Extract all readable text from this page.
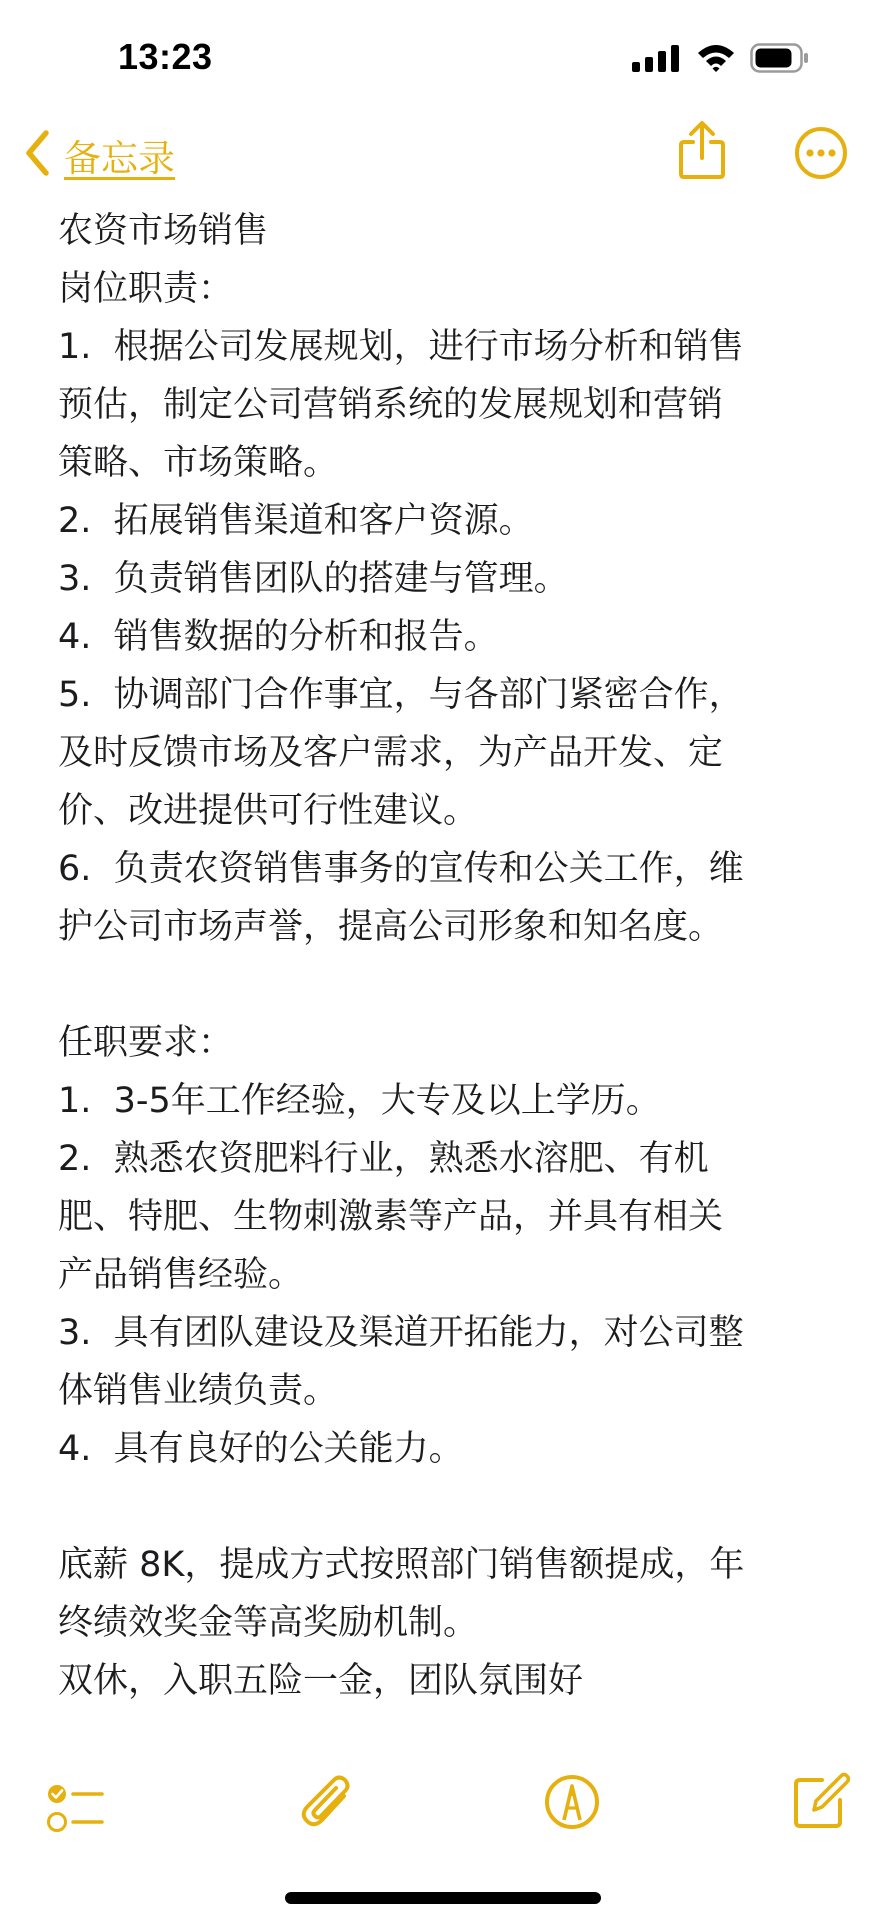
13:23
备忘录
农资市场销售
岗位职责：
1.  根据公司发展规划，进行市场分析和销售
预估，制定公司营销系统的发展规划和营销
策略、市场策略。
2.  拓展销售渠道和客户资源。
3.  负责销售团队的搭建与管理。
4.  销售数据的分析和报告。
5.  协调部门合作事宜，与各部门紧密合作，
及时反馈市场及客户需求，为产品开发、定
价、改进提供可行性建议。
6.  负责农资销售事务的宣传和公关工作，维
护公司市场声誉，提高公司形象和知名度。
任职要求：
1.  3-5年工作经验，大专及以上学历。
2.  熟悉农资肥料行业，熟悉水溶肥、有机
肥、特肥、生物刺激素等产品，并具有相关
产品销售经验。
3.  具有团队建设及渠道开拓能力，对公司整
体销售业绩负责。
4.  具有良好的公关能力。
底薪 8K，提成方式按照部门销售额提成，年
终绩效奖金等高奖励机制。
双休，入职五险一金，团队氛围好
